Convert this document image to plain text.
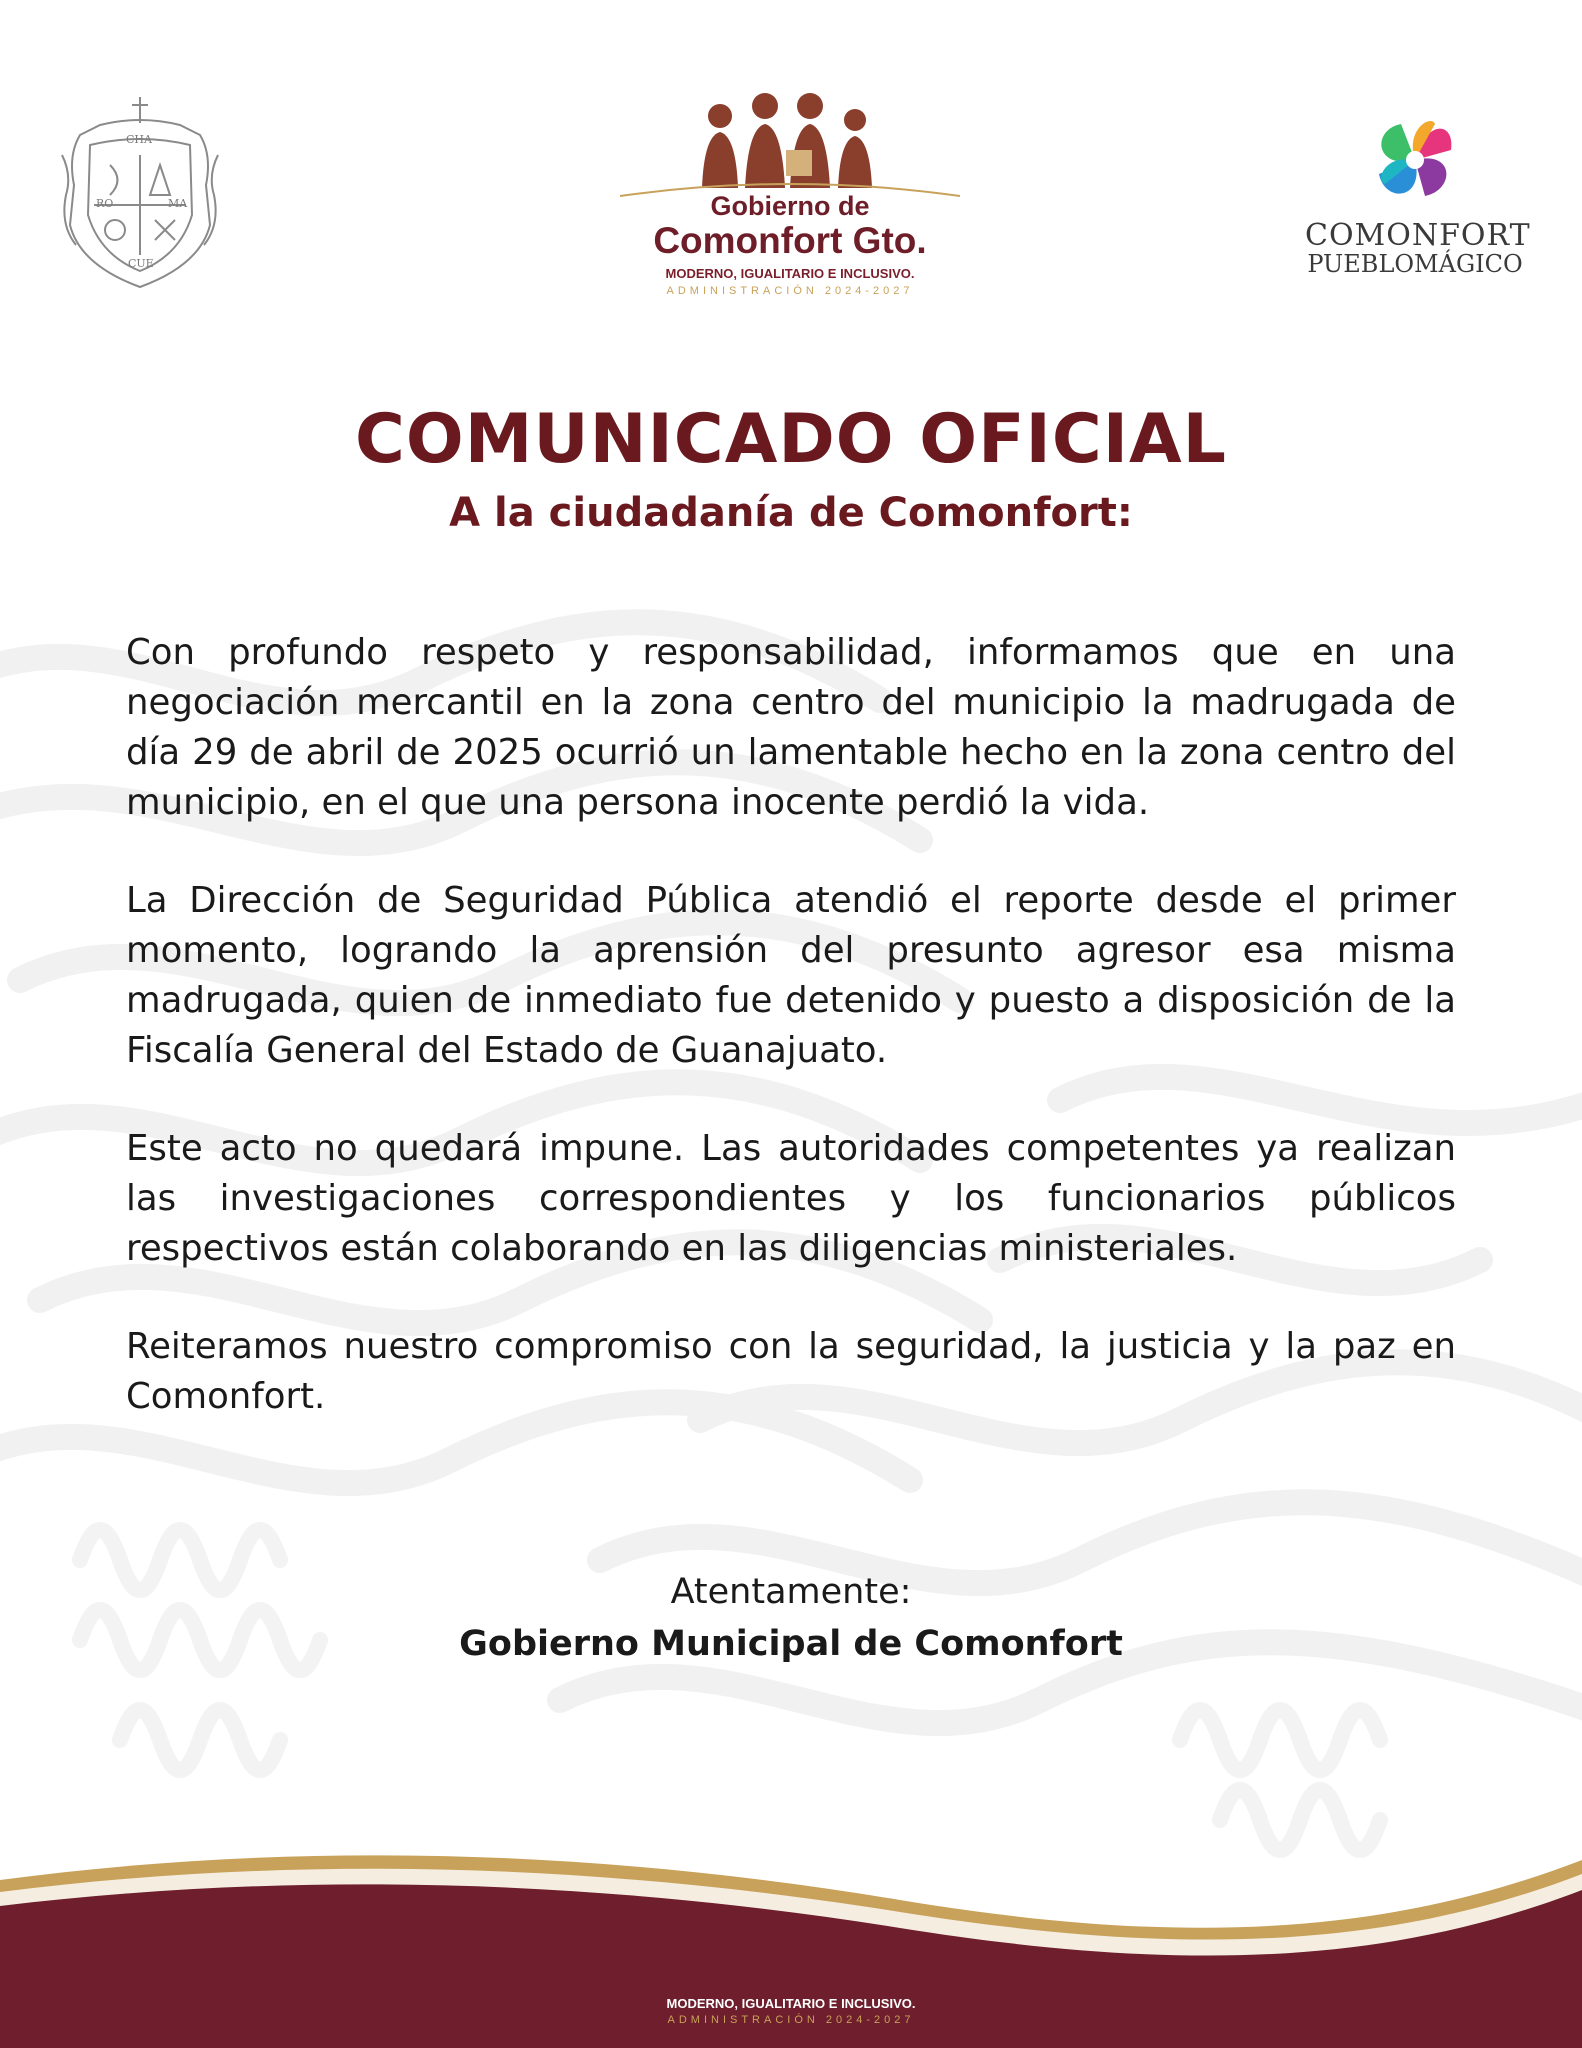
CHA
RO	MA
CUE
Gobierno de
Comonfort Gto.
MODERNO, IGUALITARIO E INCLUSIVO.
ADMINISTRACIÓN 2024-2027
COMONFORT
PUEBLOMÁGICO
COMUNICADO OFICIAL
A la ciudadanía de Comonfort:

Con profundo respeto y responsabilidad, informamos que en una negociación mercantil en la zona centro del municipio la madrugada de día 29 de abril de 2025 ocurrió un lamentable hecho en la zona centro del municipio, en el que una persona inocente perdió la vida.

La Dirección de Seguridad Pública atendió el reporte desde el primer momento, logrando la aprensión del presunto agresor esa misma madrugada, quien de inmediato fue detenido y puesto a disposición de la Fiscalía General del Estado de Guanajuato.

Este acto no quedará impune. Las autoridades competentes ya realizan las investigaciones correspondientes y los funcionarios públicos respectivos están colaborando en las diligencias ministeriales.

Reiteramos nuestro compromiso con la seguridad, la justicia y la paz en Comonfort.

Atentamente:
Gobierno Municipal de Comonfort
MODERNO, IGUALITARIO E INCLUSIVO.
ADMINISTRACIÓN 2024-2027
